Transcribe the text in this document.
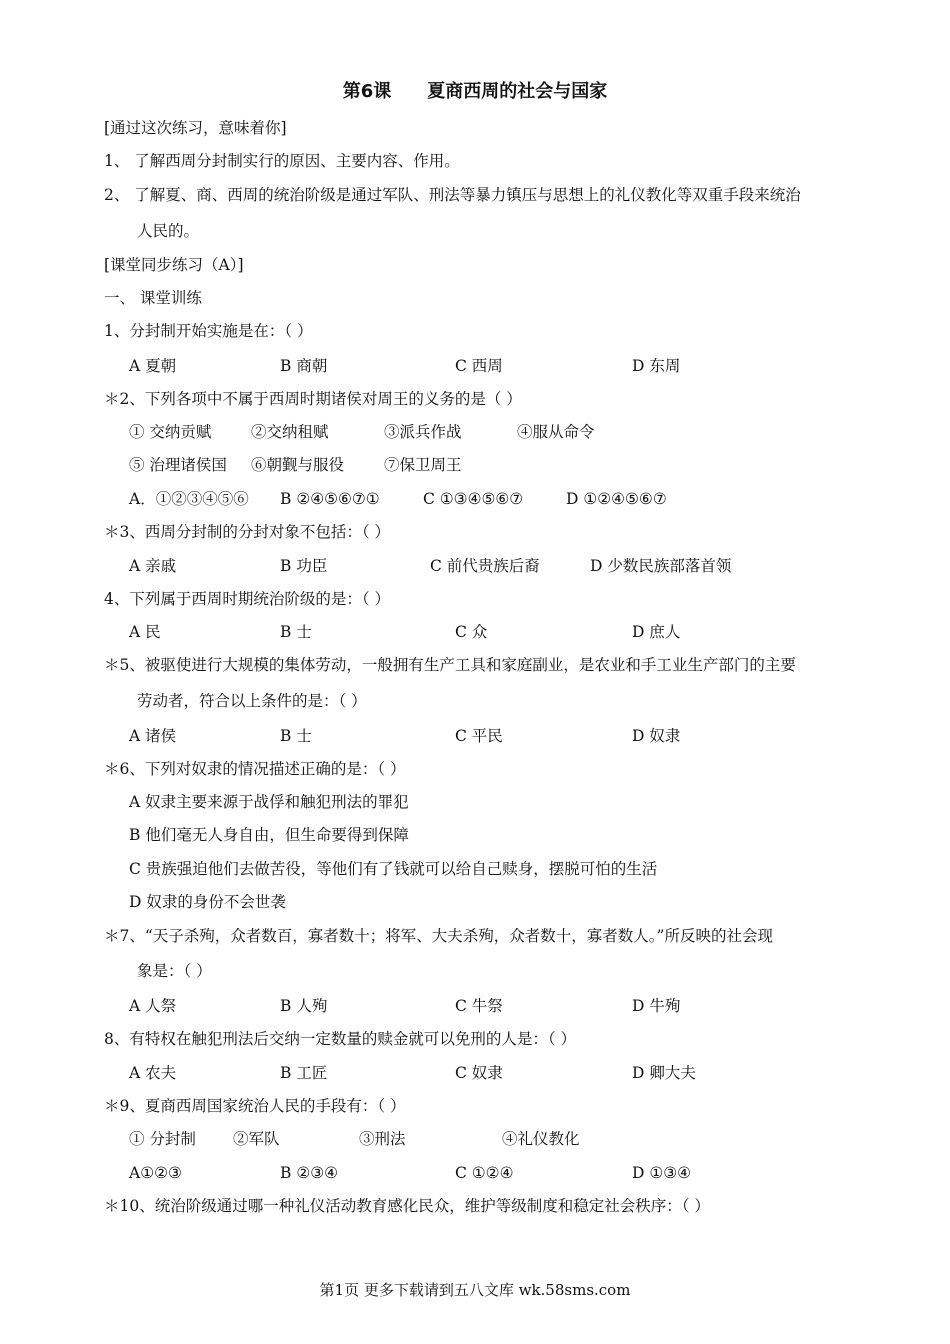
第6课 夏商西周的社会与国家
[通过这次练习，意味着你]
1、 了解西周分封制实行的原因、主要内容、作用。
2、 了解夏、商、西周的统治阶级是通过军队、刑法等暴力镇压与思想上的礼仪教化等双重手段来统治
人民的。
[课堂同步练习（A）]
一、 课堂训练
1、分封制开始实施是在：（ ）
A 夏朝	B 商朝	C 西周	D 东周
＊2、下列各项中不属于西周时期诸侯对周王的义务的是（ ）
① 交纳贡赋	②交纳租赋	③派兵作战	④服从命令
⑤ 治理诸侯国 ⑥朝觐与服役	⑦保卫周王
A．①②③④⑤⑥ B ②④⑤⑥⑦①	C ①③④⑤⑥⑦	D ①②④⑤⑥⑦
＊3、西周分封制的分封对象不包括：（ ）
A 亲戚	B 功臣	C 前代贵族后裔	D 少数民族部落首领
4、下列属于西周时期统治阶级的是：（ ）
A 民	B 士	C 众	D 庶人
＊5、被驱使进行大规模的集体劳动，一般拥有生产工具和家庭副业，是农业和手工业生产部门的主要
劳动者，符合以上条件的是：（ ）
A 诸侯	B 士	C 平民	D 奴隶
＊6、下列对奴隶的情况描述正确的是：（ ）
A 奴隶主要来源于战俘和触犯刑法的罪犯
B 他们毫无人身自由，但生命要得到保障
C 贵族强迫他们去做苦役，等他们有了钱就可以给自己赎身，摆脱可怕的生活
D 奴隶的身份不会世袭
＊7、“天子杀殉，众者数百，寡者数十；将军、大夫杀殉，众者数十，寡者数人。”所反映的社会现
象是：（ ）
A 人祭	B 人殉	C 牛祭	D 牛殉
8、有特权在触犯刑法后交纳一定数量的赎金就可以免刑的人是：（ ）
A 农夫	B 工匠	C 奴隶	D 卿大夫
＊9、夏商西周国家统治人民的手段有：（ ）
① 分封制 ②军队	③刑法	④礼仪教化
A①②③	B ②③④	C ①②④	D ①③④
＊10、统治阶级通过哪一种礼仪活动教育感化民众，维护等级制度和稳定社会秩序：（ ）
第1页 更多下载请到五八文库 wk.58sms.com
